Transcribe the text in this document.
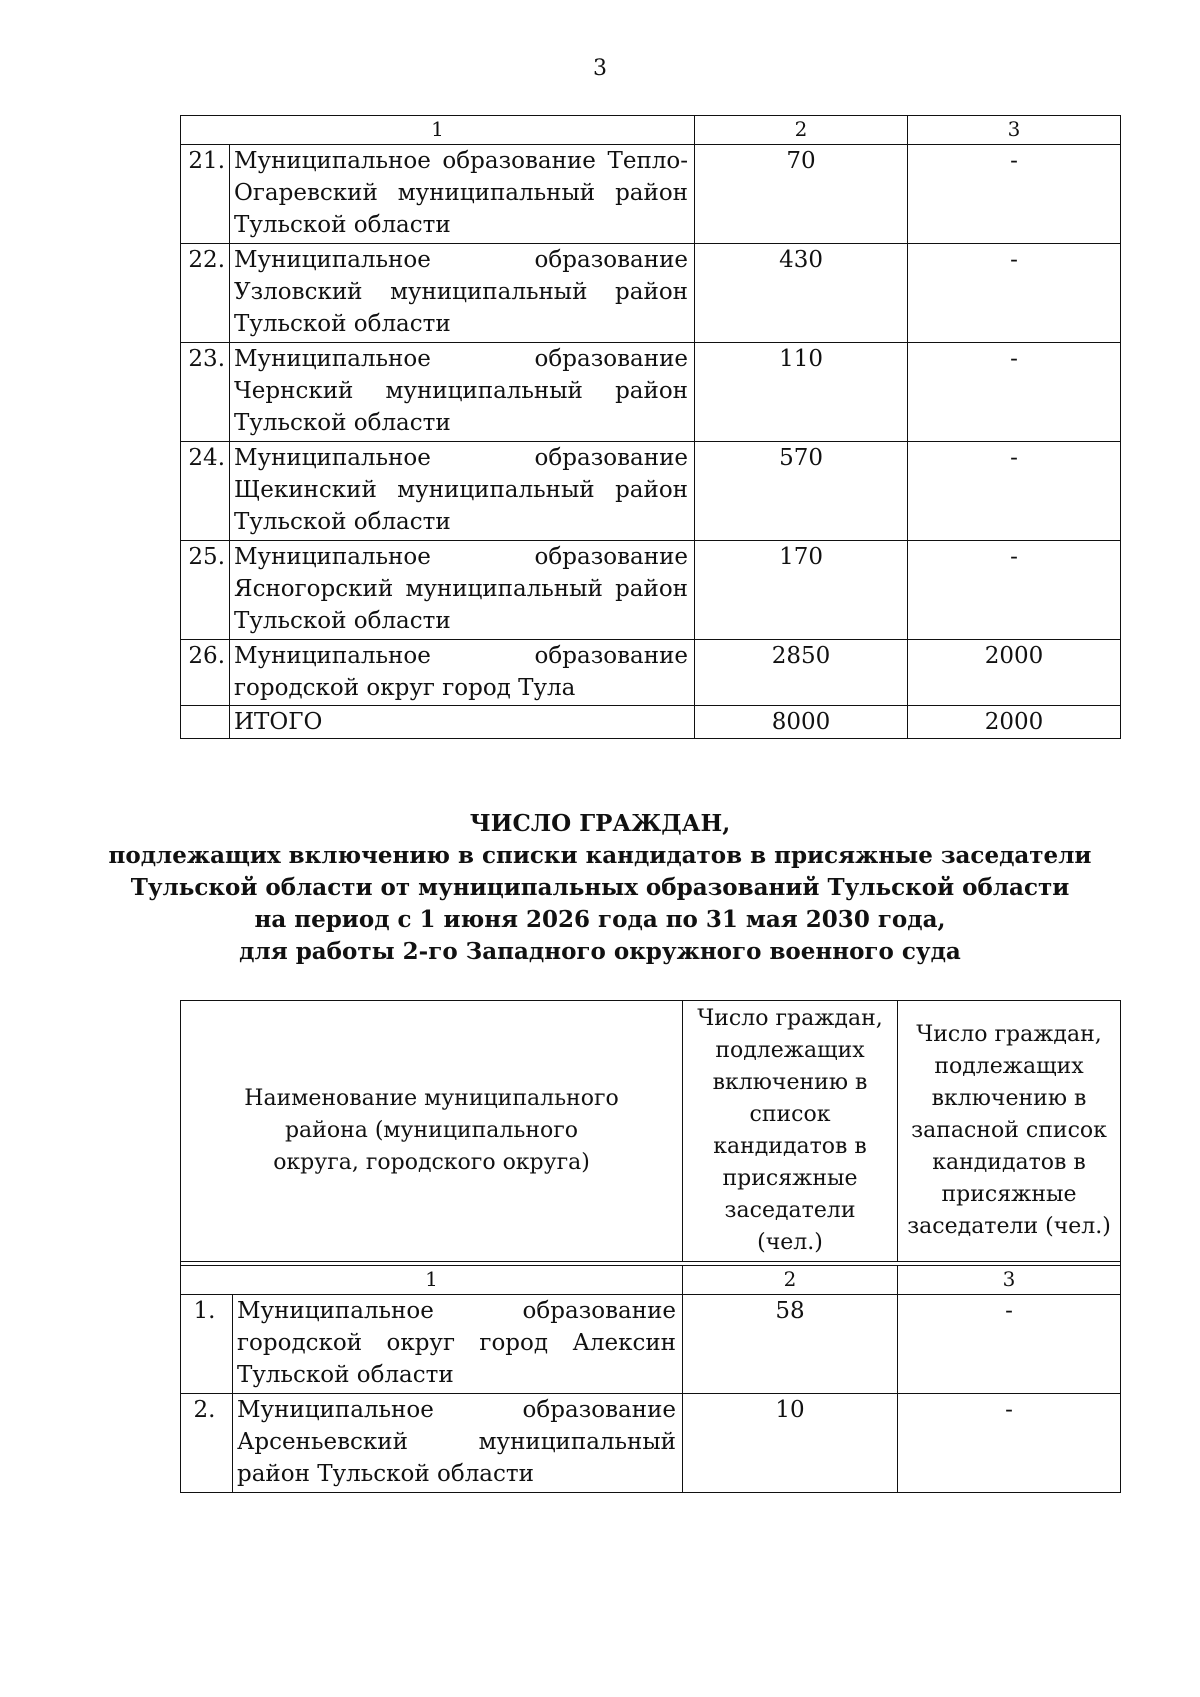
3
1		2	3
21.	Муниципальное образование Тепло-Огаревский муниципальный район Тульской области	70	-
22.	Муниципальное образование Узловский муниципальный район Тульской области	430	-
23.	Муниципальное образование Чернский муниципальный район Тульской области	110	-
24.	Муниципальное образование Щекинский муниципальный район Тульской области	570	-
25.	Муниципальное образование Ясногорский муниципальный район Тульской области	170	-
26.	Муниципальное образование городской округ город Тула	2850	2000
	ИТОГО	8000	2000
ЧИСЛО ГРАЖДАН,
подлежащих включению в списки кандидатов в присяжные заседатели
Тульской области от муниципальных образований Тульской области
на период с 1 июня 2026 года по 31 мая 2030 года,
для работы 2-го Западного окружного военного суда
Наименование муниципального района (муниципального округа, городского округа)		Число граждан, подлежащих включению в список кандидатов в присяжные заседатели (чел.)	Число граждан, подлежащих включению в запасной список кандидатов в присяжные заседатели (чел.)

1		2	3
1.	Муниципальное образование городской округ город Алексин Тульской области	58	-
2.	Муниципальное образование Арсеньевский муниципальный район Тульской области	10	-
